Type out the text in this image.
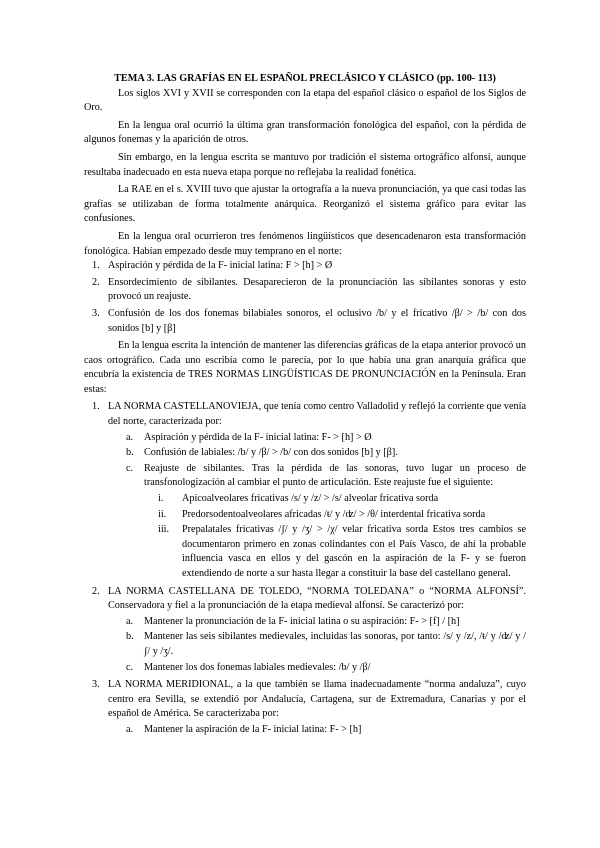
TEMA 3. LAS GRAFÍAS EN EL ESPAÑOL PRECLÁSICO Y CLÁSICO (pp. 100- 113)

Los siglos XVI y XVII se corresponden con la etapa del español clásico o español de los Siglos de Oro.

En la lengua oral ocurrió la última gran transformación fonológica del español, con la pérdida de algunos fonemas y la aparición de otros.

Sin embargo, en la lengua escrita se mantuvo por tradición el sistema ortográfico alfonsí, aunque resultaba inadecuado en esta nueva etapa porque no reflejaba la realidad fonética.

La RAE en el s. XVIII tuvo que ajustar la ortografía a la nueva pronunciación, ya que casi todas las grafías se utilizaban de forma totalmente anárquica. Reorganizó el sistema gráfico para evitar las confusiones.

En la lengua oral ocurrieron tres fenómenos lingüísticos que desencadenaron esta transformación fonológica. Habían empezado desde muy temprano en el norte:

1. Aspiración y pérdida de la F- inicial latina: F > [h] > Ø
2. Ensordecimiento de sibilantes. Desaparecieron de la pronunciación las sibilantes sonoras y esto provocó un reajuste.
3. Confusión de los dos fonemas bilabiales sonoros, el oclusivo /b/ y el fricativo /β/ > /b/ con dos sonidos [b] y [β]

En la lengua escrita la intención de mantener las diferencias gráficas de la etapa anterior provocó un caos ortográfico. Cada uno escribía como le parecía, por lo que había una gran anarquía gráfica que encubría la existencia de TRES NORMAS LINGÜÍSTICAS DE PRONUNCIACIÓN en la Península. Eran estas:

1. LA NORMA CASTELLANOVIEJA, que tenía como centro Valladolid y reflejó la corriente que venía del norte, caracterizada por:
a. Aspiración y pérdida de la F- inicial latina: F- > [h] > Ø
b. Confusión de labiales: /b/ y /β/ > /b/ con dos sonidos [b] y [β].
c. Reajuste de sibilantes. Tras la pérdida de las sonoras, tuvo lugar un proceso de transfonologización al cambiar el punto de articulación. Este reajuste fue el siguiente:
i. Apicoalveolares fricativas /s/ y /z/ > /s/ alveolar fricativa sorda
ii. Predorsodentoalveolares africadas /ŧ/ y /ʣ/ > /θ/ interdental fricativa sorda
iii. Prepalatales fricativas /ʃ/ y /ʒ/ > /χ/ velar fricativa sorda Estos tres cambios se documentaron primero en zonas colindantes con el País Vasco, de ahí la probable influencia vasca en ellos y del gascón en la aspiración de la F- y se fueron extendiendo de norte a sur hasta llegar a constituir la base del castellano general.
2. LA NORMA CASTELLANA DE TOLEDO, “NORMA TOLEDANA” o “NORMA ALFONSÍ”. Conservadora y fiel a la pronunciación de la etapa medieval alfonsí. Se caracterizó por:
a. Mantener la pronunciación de la F- inicial latina o su aspiración: F- > [f] / [h]
b. Mantener las seis sibilantes medievales, incluidas las sonoras, por tanto: /s/ y /z/, /ŧ/ y /ʣ/ y /ʃ/ y /ʒ/.
c. Mantener los dos fonemas labiales medievales: /b/ y /β/
3. LA NORMA MERIDIONAL, a la que también se llama inadecuadamente “norma andaluza”, cuyo centro era Sevilla, se extendió por Andalucía, Cartagena, sur de Extremadura, Canarias y por el español de América. Se caracterizaba por:
a. Mantener la aspiración de la F- inicial latina: F- > [h]
